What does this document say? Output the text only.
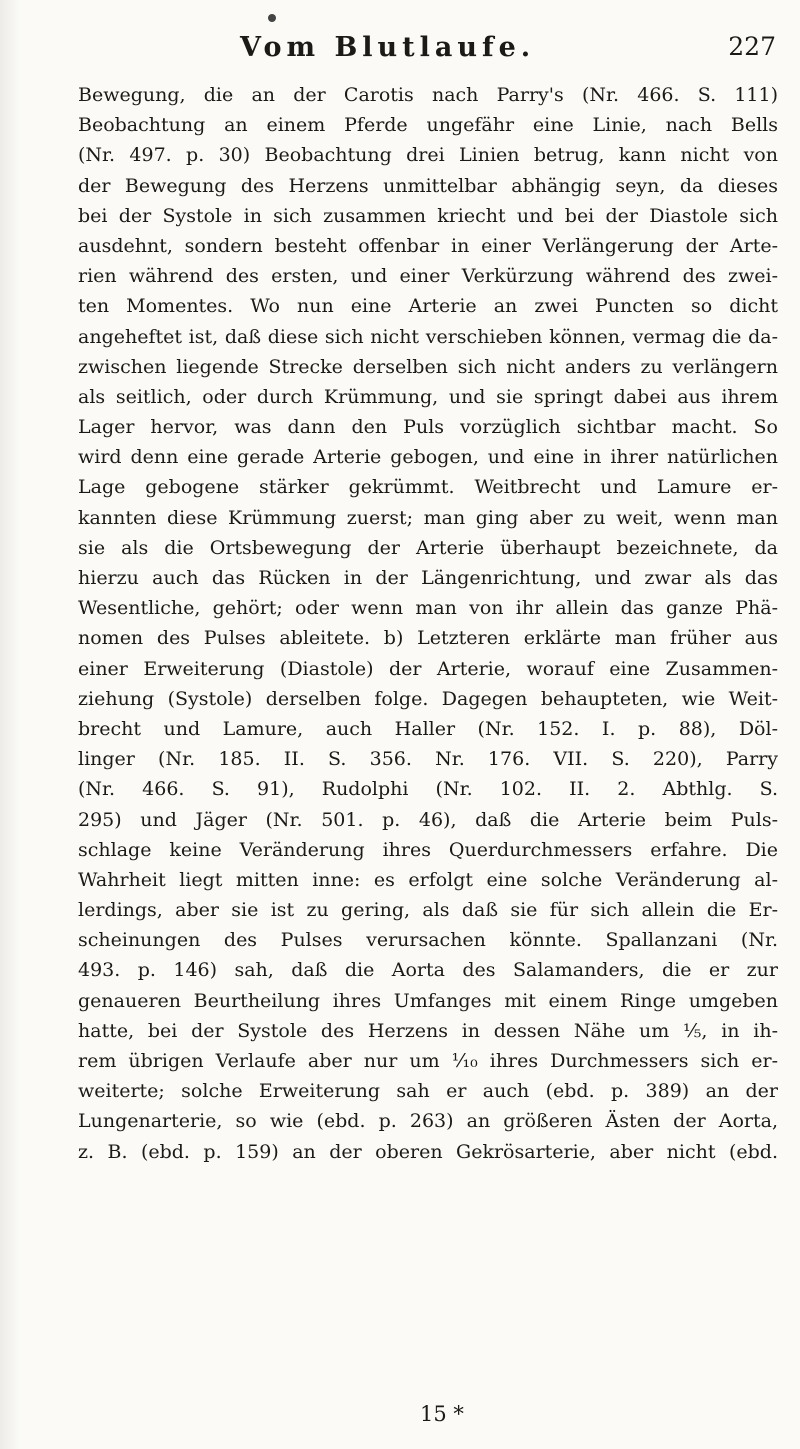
Vom Blutlaufe.	227
Bewegung, die an der Carotis nach Parry's (Nr. 466. S. 111)
Beobachtung an einem Pferde ungefähr eine Linie, nach Bells
(Nr. 497. p. 30) Beobachtung drei Linien betrug, kann nicht von
der Bewegung des Herzens unmittelbar abhängig seyn, da dieses
bei der Systole in sich zusammen kriecht und bei der Diastole sich
ausdehnt, sondern besteht offenbar in einer Verlängerung der Arte-
rien während des ersten, und einer Verkürzung während des zwei-
ten Momentes. Wo nun eine Arterie an zwei Puncten so dicht
angeheftet ist, daß diese sich nicht verschieben können, vermag die da-
zwischen liegende Strecke derselben sich nicht anders zu verlängern
als seitlich, oder durch Krümmung, und sie springt dabei aus ihrem
Lager hervor, was dann den Puls vorzüglich sichtbar macht. So
wird denn eine gerade Arterie gebogen, und eine in ihrer natürlichen
Lage gebogene stärker gekrümmt. Weitbrecht und Lamure er-
kannten diese Krümmung zuerst; man ging aber zu weit, wenn man
sie als die Ortsbewegung der Arterie überhaupt bezeichnete, da
hierzu auch das Rücken in der Längenrichtung, und zwar als das
Wesentliche, gehört; oder wenn man von ihr allein das ganze Phä-
nomen des Pulses ableitete. b) Letzteren erklärte man früher aus
einer Erweiterung (Diastole) der Arterie, worauf eine Zusammen-
ziehung (Systole) derselben folge. Dagegen behaupteten, wie Weit-
brecht und Lamure, auch Haller (Nr. 152. I. p. 88), Döl-
linger (Nr. 185. II. S. 356. Nr. 176. VII. S. 220), Parry
(Nr. 466. S. 91), Rudolphi (Nr. 102. II. 2. Abthlg. S.
295) und Jäger (Nr. 501. p. 46), daß die Arterie beim Puls-
schlage keine Veränderung ihres Querdurchmessers erfahre. Die
Wahrheit liegt mitten inne: es erfolgt eine solche Veränderung al-
lerdings, aber sie ist zu gering, als daß sie für sich allein die Er-
scheinungen des Pulses verursachen könnte. Spallanzani (Nr.
493. p. 146) sah, daß die Aorta des Salamanders, die er zur
genaueren Beurtheilung ihres Umfanges mit einem Ringe umgeben
hatte, bei der Systole des Herzens in dessen Nähe um ⅕, in ih-
rem übrigen Verlaufe aber nur um ¹⁄₁₀ ihres Durchmessers sich er-
weiterte; solche Erweiterung sah er auch (ebd. p. 389) an der
Lungenarterie, so wie (ebd. p. 263) an größeren Ästen der Aorta,
z. B. (ebd. p. 159) an der oberen Gekrösarterie, aber nicht (ebd.
15 *
